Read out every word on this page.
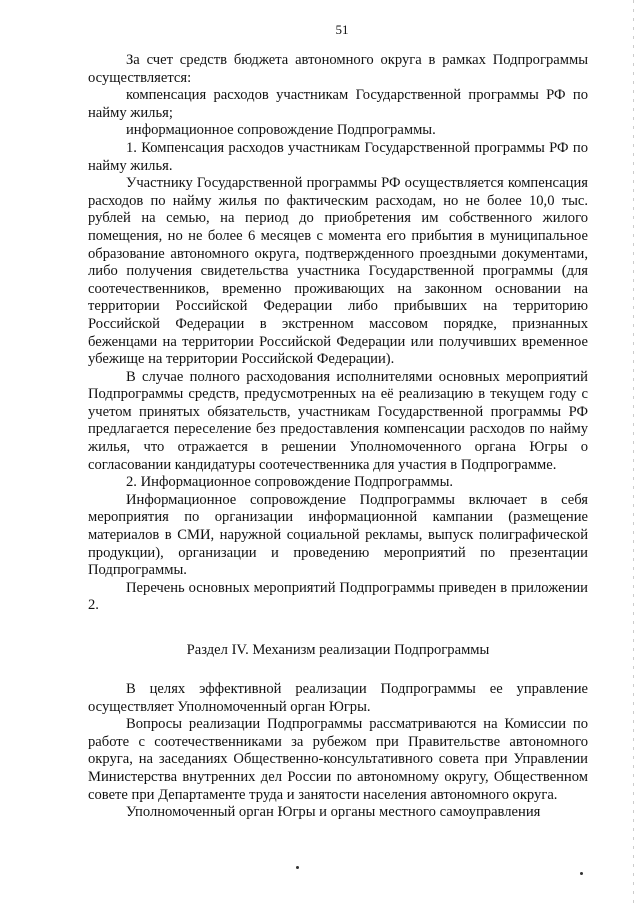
51

За счет средств бюджета автономного округа в рамках Подпрограммы осуществляется:

компенсация расходов участникам Государственной программы РФ по найму жилья;

информационное сопровождение Подпрограммы.

1. Компенсация расходов участникам Государственной программы РФ по найму жилья.

Участнику Государственной программы РФ осуществляется компенсация расходов по найму жилья по фактическим расходам, но не более 10,0 тыс. рублей на семью, на период до приобретения им собственного жилого помещения, но не более 6 месяцев с момента его прибытия в муниципальное образование автономного округа, подтвержденного проездными документами, либо получения свидетельства участника Государственной программы (для соотечественников, временно проживающих на законном основании на территории Российской Федерации либо прибывших на территорию Российской Федерации в экстренном массовом порядке, признанных беженцами на территории Российской Федерации или получивших временное убежище на территории Российской Федерации).

В случае полного расходования исполнителями основных мероприятий Подпрограммы средств, предусмотренных на её реализацию в текущем году с учетом принятых обязательств, участникам Государственной программы РФ предлагается переселение без предоставления компенсации расходов по найму жилья, что отражается в решении Уполномоченного органа Югры о согласовании кандидатуры соотечественника для участия в Подпрограмме.

2. Информационное сопровождение Подпрограммы.

Информационное сопровождение Подпрограммы включает в себя мероприятия по организации информационной кампании (размещение материалов в СМИ, наружной социальной рекламы, выпуск полиграфической продукции), организации и проведению мероприятий по презентации Подпрограммы.

Перечень основных мероприятий Подпрограммы приведен в приложении 2.

Раздел IV. Механизм реализации Подпрограммы

В целях эффективной реализации Подпрограммы ее управление осуществляет Уполномоченный орган Югры.

Вопросы реализации Подпрограммы рассматриваются на Комиссии по работе с соотечественниками за рубежом при Правительстве автономного округа, на заседаниях Общественно-консультативного совета при Управлении Министерства внутренних дел России по автономному округу, Общественном совете при Департаменте труда и занятости населения автономного округа.

Уполномоченный орган Югры и органы местного самоуправления
